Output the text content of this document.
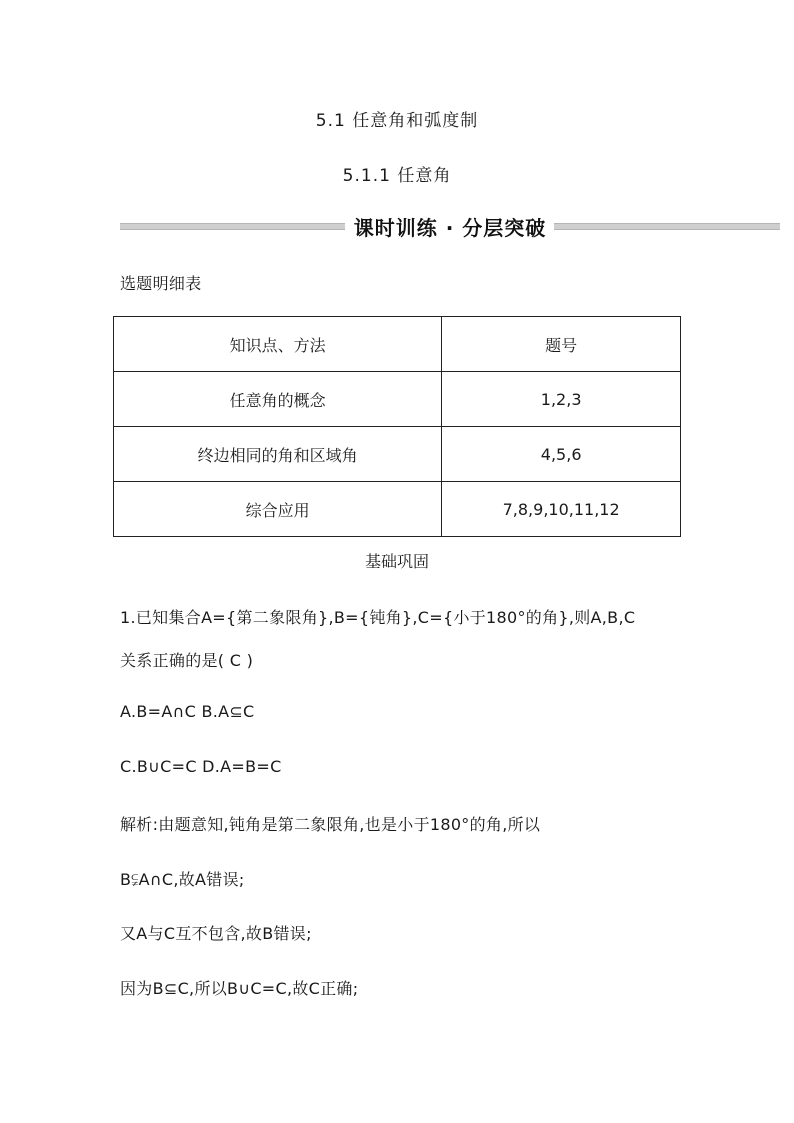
5.1 任意角和弧度制
5.1.1 任意角
课时训练 · 分层突破
选题明细表
知识点、方法	题号
任意角的概念	1,2,3
终边相同的角和区域角	4,5,6
综合应用	7,8,9,10,11,12
基础巩固
1.已知集合A={第二象限角},B={钝角},C={小于180°的角},则A,B,C
关系正确的是( C )
A.B=A∩C B.A⊆C
C.B∪C=C D.A=B=C
解析:由题意知,钝角是第二象限角,也是小于180°的角,所以
B⫋A∩C,故A错误;
又A与C互不包含,故B错误;
因为B⊆C,所以B∪C=C,故C正确;
